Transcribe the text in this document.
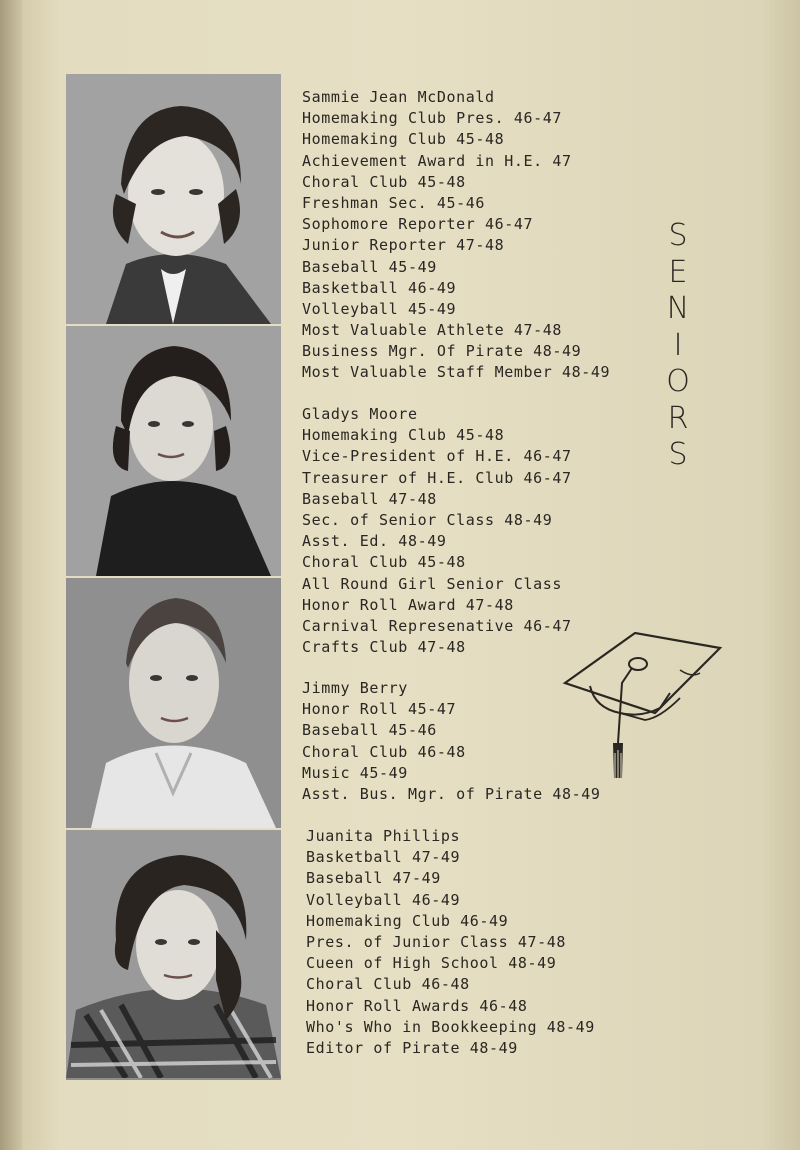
Sammie Jean McDonald
Homemaking Club Pres. 46-47
Homemaking Club 45-48
Achievement Award in H.E. 47
Choral Club 45-48
Freshman Sec. 45-46
Sophomore Reporter 46-47
Junior Reporter 47-48
Baseball 45-49
Basketball 46-49
Volleyball 45-49
Most Valuable Athlete 47-48
Business Mgr. Of Pirate 48-49
Most Valuable Staff Member 48-49
Gladys Moore
Homemaking Club 45-48
Vice-President of H.E. 46-47
Treasurer of H.E. Club 46-47
Baseball 47-48
Sec. of Senior Class 48-49
Asst. Ed. 48-49
Choral Club 45-48
All Round Girl Senior Class
Honor Roll Award 47-48
Carnival Represenative 46-47
Crafts Club 47-48
Jimmy Berry
Honor Roll 45-47
Baseball 45-46
Choral Club 46-48
Music 45-49
Asst. Bus. Mgr. of Pirate 48-49
Juanita Phillips
Basketball 47-49
Baseball 47-49
Volleyball 46-49
Homemaking Club 46-49
Pres. of Junior Class 47-48
Cueen of High School 48-49
Choral Club 46-48
Honor Roll Awards 46-48
Who's Who in Bookkeeping 48-49
Editor of Pirate 48-49
S
E
N
I
O
R
S
